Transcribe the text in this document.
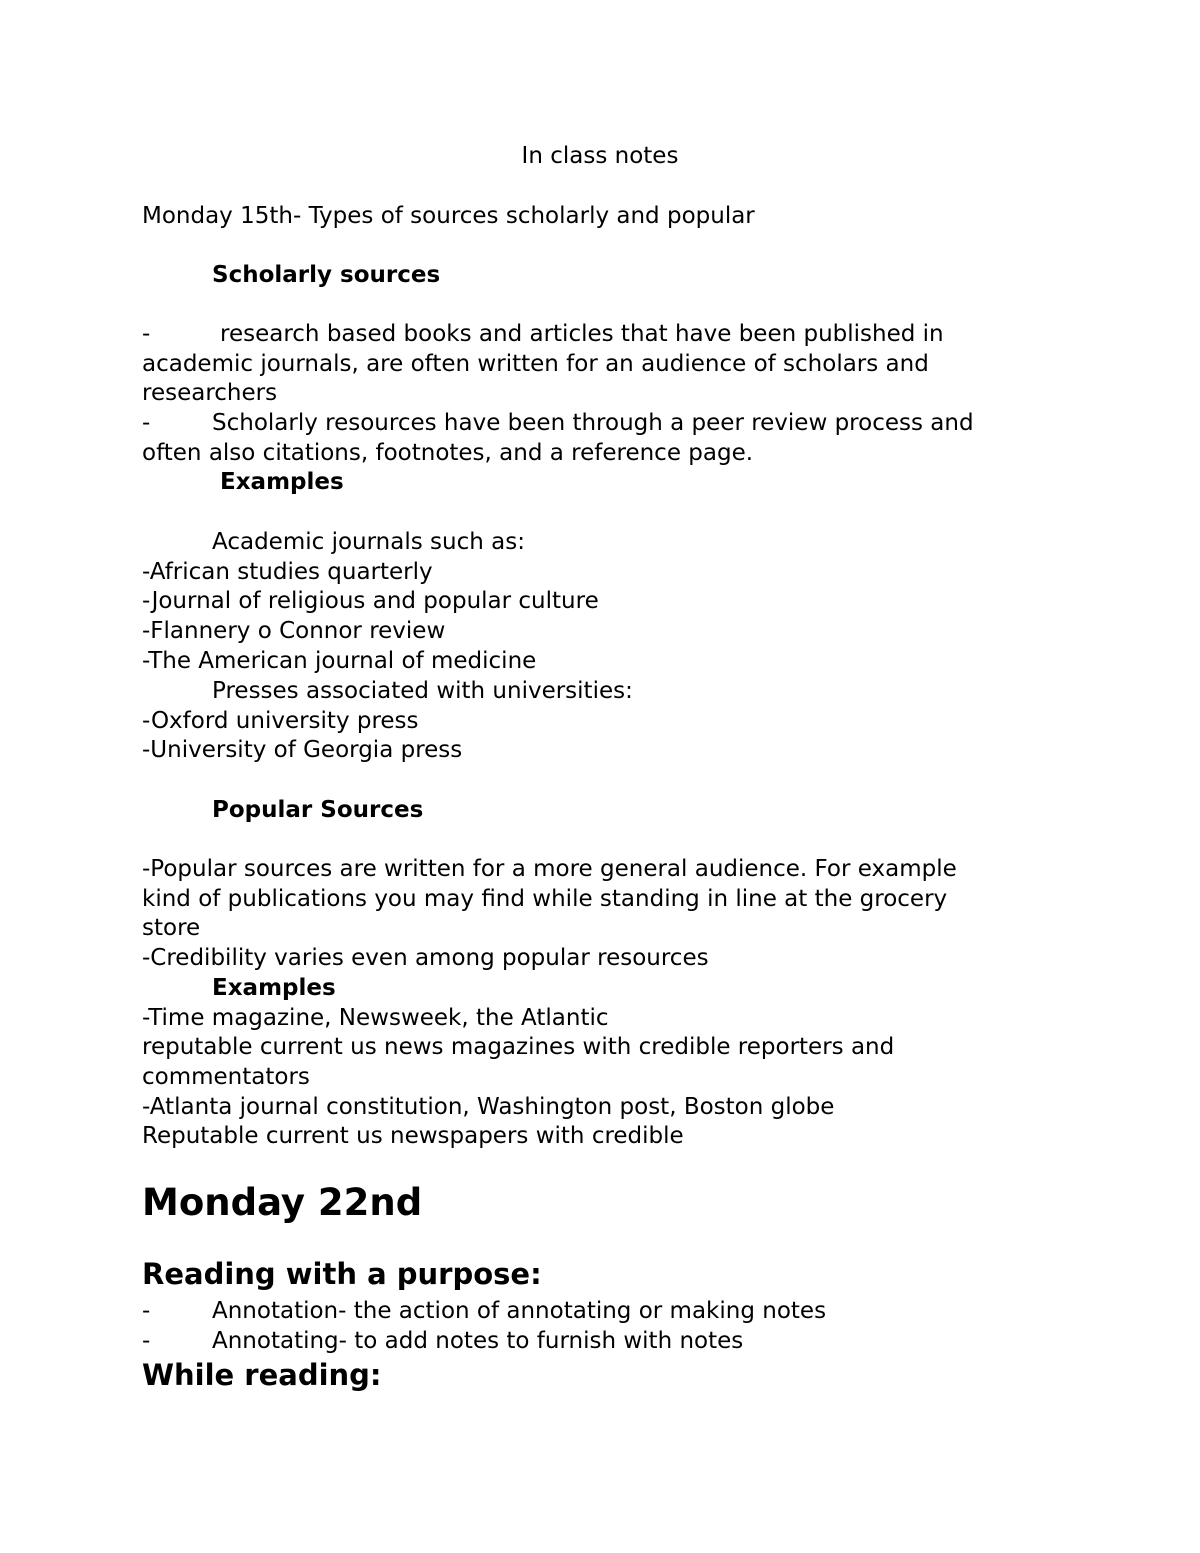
In class notes

Monday 15th- Types of sources scholarly and popular

Scholarly sources

-	research based books and articles that have been published in

academic journals, are often written for an audience of scholars and

researchers

-	Scholarly resources have been through a peer review process and

often also citations, footnotes, and a reference page.

Examples

Academic journals such as:

-African studies quarterly

-Journal of religious and popular culture

-Flannery o Connor review

-The American journal of medicine

Presses associated with universities:

-Oxford university press

-University of Georgia press

Popular Sources

-Popular sources are written for a more general audience. For example

kind of publications you may find while standing in line at the grocery

store

-Credibility varies even among popular resources

Examples

-Time magazine, Newsweek, the Atlantic

reputable current us news magazines with credible reporters and

commentators

-Atlanta journal constitution, Washington post, Boston globe

Reputable current us newspapers with credible

Monday 22nd
Reading with a purpose:
-	Annotation- the action of annotating or making notes

-	Annotating- to add notes to furnish with notes

While reading:
